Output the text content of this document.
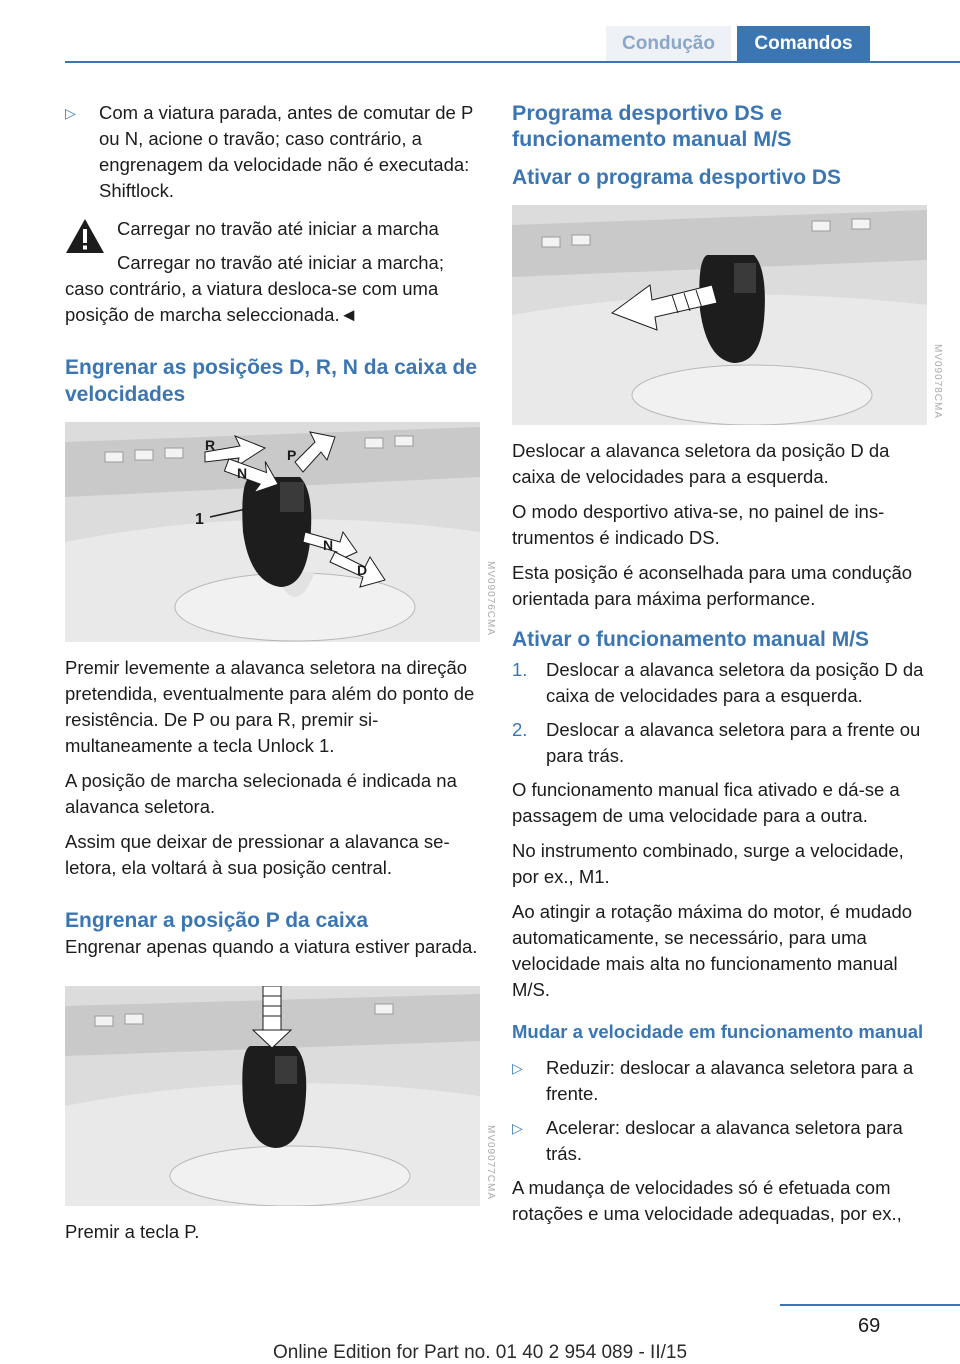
Condução	Comandos
▷ Com a viatura parada, antes de comutar de P ou N, acione o travão; caso contrário, a engrenagem da velocidade não é executada: Shiftlock.
Carregar no travão até iniciar a marcha
Carregar no travão até iniciar a marcha; caso contrário, a viatura desloca-se com uma posição de marcha seleccionada.◄
Engrenar as posições D, R, N da caixa de velocidades
R
N
P
N
D
1
MV09076CMA

Premir levemente a alavanca seletora na direção pretendida, eventualmente para além do ponto de resistência. De P ou para R, premir simultaneamente a tecla Unlock 1.

A posição de marcha selecionada é indicada na alavanca seletora.

Assim que deixar de pressionar a alavanca seletora, ela voltará à sua posição central.

Engrenar a posição P da caixa

Engrenar apenas quando a viatura estiver parada.

MV09077CMA

Premir a tecla P.

Programa desportivo DS e funcionamento manual M/S
Ativar o programa desportivo DS
MV09078CMA

Deslocar a alavanca seletora da posição D da caixa de velocidades para a esquerda.

O modo desportivo ativa-se, no painel de instrumentos é indicado DS.

Esta posição é aconselhada para uma condução orientada para máxima performance.

Ativar o funcionamento manual M/S
1. Deslocar a alavanca seletora da posição D da caixa de velocidades para a esquerda.
2. Deslocar a alavanca seletora para a frente ou para trás.

O funcionamento manual fica ativado e dá-se a passagem de uma velocidade para a outra.

No instrumento combinado, surge a velocidade, por ex., M1.

Ao atingir a rotação máxima do motor, é mudado automaticamente, se necessário, para uma velocidade mais alta no funcionamento manual M/S.

Mudar a velocidade em funcionamento manual
▷ Reduzir: deslocar a alavanca seletora para a frente.
▷ Acelerar: deslocar a alavanca seletora para trás.

A mudança de velocidades só é efetuada com rotações e uma velocidade adequadas, por ex.,

69
Online Edition for Part no. 01 40 2 954 089 - II/15
